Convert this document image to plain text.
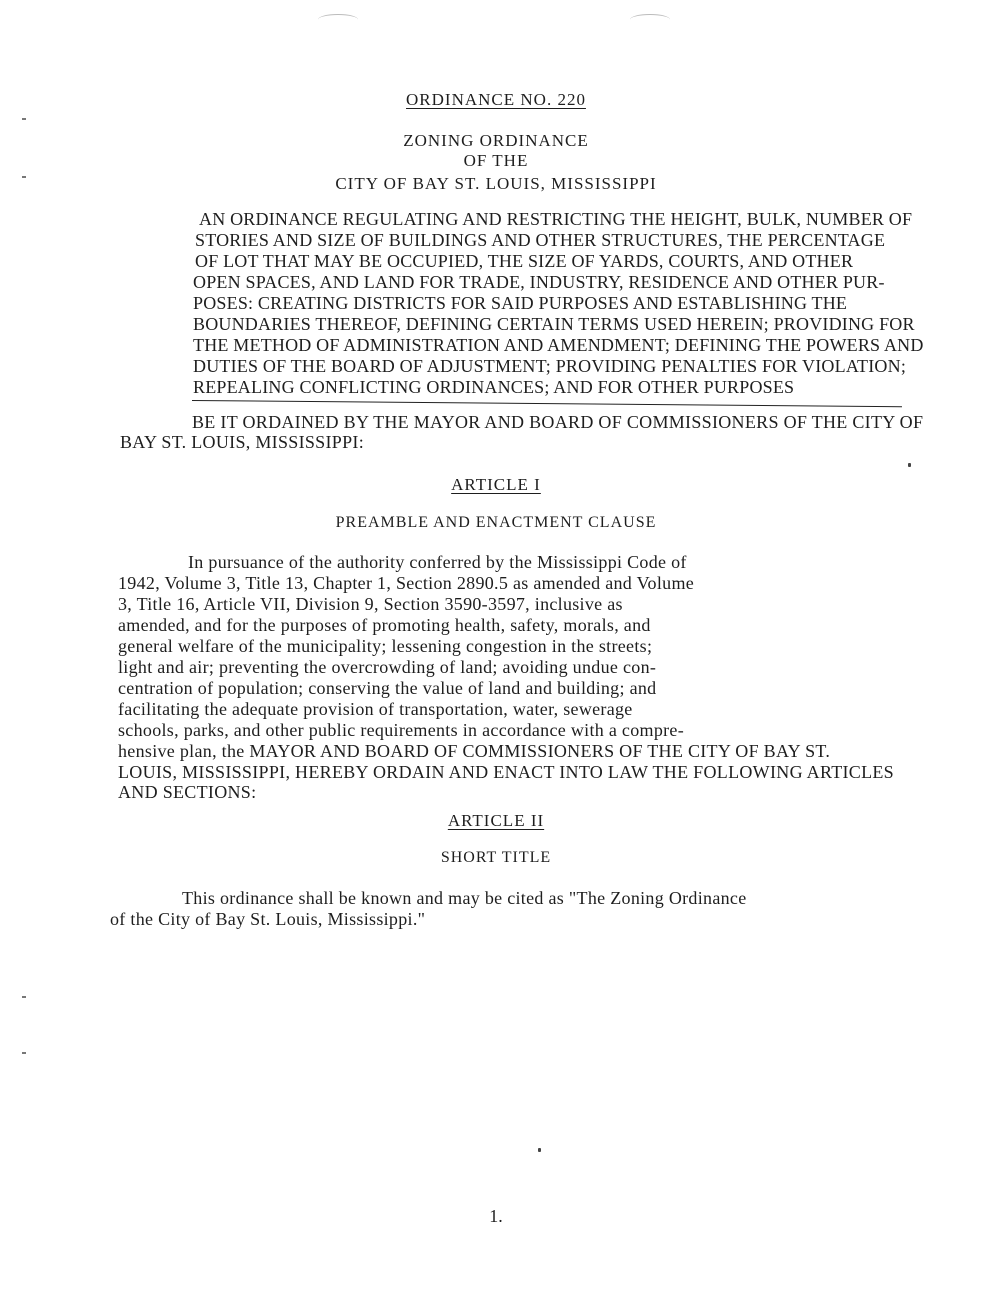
ORDINANCE NO. 220
ZONING ORDINANCE
OF THE
CITY OF BAY ST. LOUIS, MISSISSIPPI
AN ORDINANCE REGULATING AND RESTRICTING THE HEIGHT, BULK, NUMBER OF
STORIES AND SIZE OF BUILDINGS AND OTHER STRUCTURES, THE PERCENTAGE
OF LOT THAT MAY BE OCCUPIED, THE SIZE OF YARDS, COURTS, AND OTHER
OPEN SPACES, AND LAND FOR TRADE, INDUSTRY, RESIDENCE AND OTHER PUR-
POSES: CREATING DISTRICTS FOR SAID PURPOSES AND ESTABLISHING THE
BOUNDARIES THEREOF, DEFINING CERTAIN TERMS USED HEREIN; PROVIDING FOR
THE METHOD OF ADMINISTRATION AND AMENDMENT; DEFINING THE POWERS AND
DUTIES OF THE BOARD OF ADJUSTMENT; PROVIDING PENALTIES FOR VIOLATION;
REPEALING CONFLICTING ORDINANCES; AND FOR OTHER PURPOSES
BE IT ORDAINED BY THE MAYOR AND BOARD OF COMMISSIONERS OF THE CITY OF
BAY ST. LOUIS, MISSISSIPPI:
ARTICLE I
PREAMBLE AND ENACTMENT CLAUSE
In pursuance of the authority conferred by the Mississippi Code of
1942, Volume 3, Title 13, Chapter 1, Section 2890.5 as amended and Volume
3, Title 16, Article VII, Division 9, Section 3590-3597, inclusive as
amended, and for the purposes of promoting health, safety, morals, and
general welfare of the municipality; lessening congestion in the streets;
light and air; preventing the overcrowding of land; avoiding undue con-
centration of population; conserving the value of land and building; and
facilitating the adequate provision of transportation, water, sewerage
schools, parks, and other public requirements in accordance with a compre-
hensive plan, the MAYOR AND BOARD OF COMMISSIONERS OF THE CITY OF BAY ST.
LOUIS, MISSISSIPPI, HEREBY ORDAIN AND ENACT INTO LAW THE FOLLOWING ARTICLES
AND SECTIONS:
ARTICLE II
SHORT TITLE
This ordinance shall be known and may be cited as "The Zoning Ordinance
of the City of Bay St. Louis, Mississippi."
1.
